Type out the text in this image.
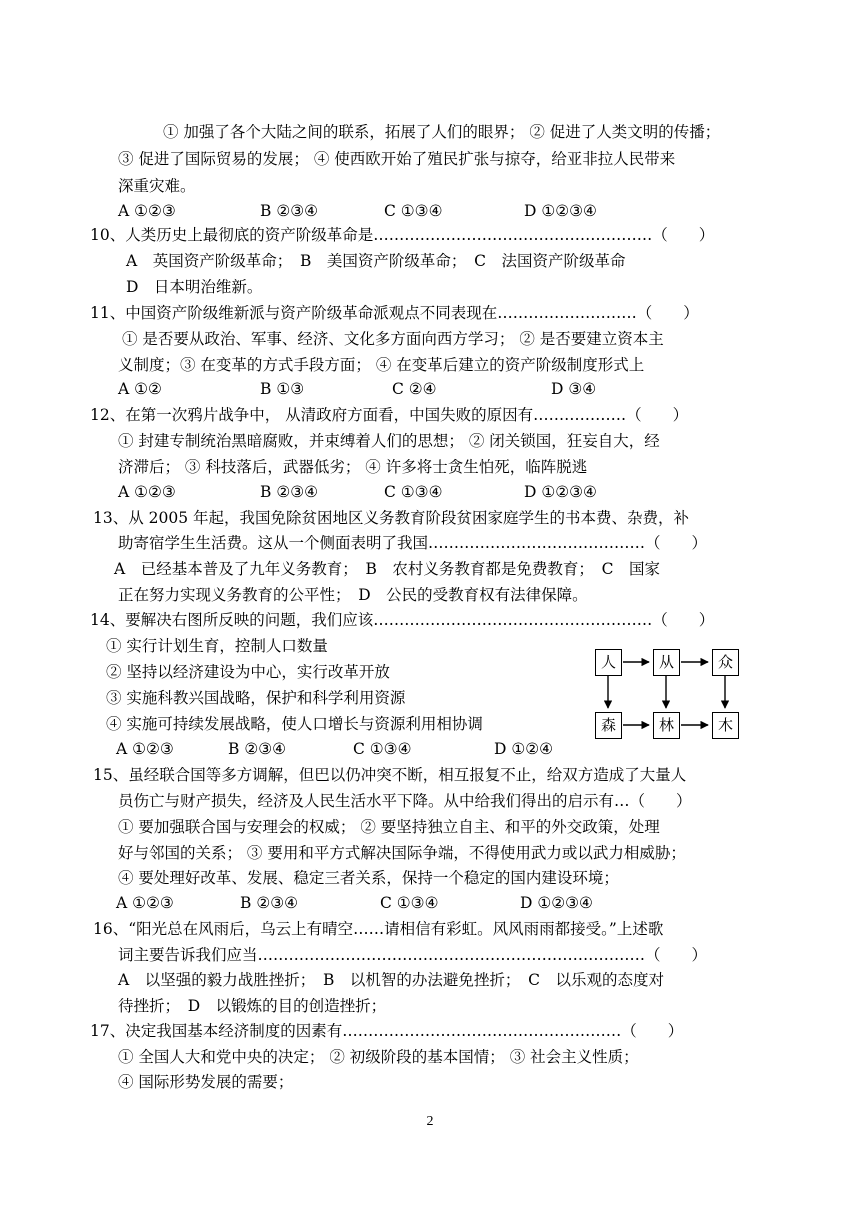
① 加强了各个大陆之间的联系，拓展了人们的眼界； ② 促进了人类文明的传播；
③ 促进了国际贸易的发展； ④ 使西欧开始了殖民扩张与掠夺，给亚非拉人民带来
深重灾难。
A ①②③	B ②③④	C ①③④	D ①②③④
10、人类历史上最彻底的资产阶级革命是………………………………………………（　　）
A　英国资产阶级革命；　B　美国资产阶级革命；　C　法国资产阶级革命
D　日本明治维新。
11、中国资产阶级维新派与资产阶级革命派观点不同表现在………………………（　　）
① 是否要从政治、军事、经济、文化多方面向西方学习； ② 是否要建立资本主
义制度；③ 在变革的方式手段方面； ④ 在变革后建立的资产阶级制度形式上
A ①②	B ①③	C ②④	D ③④
12、在第一次鸦片战争中， 从清政府方面看，中国失败的原因有………………（　　）
① 封建专制统治黑暗腐败，并束缚着人们的思想； ② 闭关锁国，狂妄自大，经
济滞后； ③ 科技落后，武器低劣； ④ 许多将士贪生怕死，临阵脱逃
A ①②③	B ②③④	C ①③④	D ①②③④
13、从 2005 年起，我国免除贫困地区义务教育阶段贫困家庭学生的书本费、杂费，补
助寄宿学生生活费。这从一个侧面表明了我国……………………………………（　　）
A　已经基本普及了九年义务教育；　B　农村义务教育都是免费教育；　C　国家
正在努力实现义务教育的公平性；　D　公民的受教育权有法律保障。
14、要解决右图所反映的问题，我们应该………………………………………………（　　）
① 实行计划生育，控制人口数量
② 坚持以经济建设为中心，实行改革开放
③ 实施科教兴国战略，保护和科学利用资源
④ 实施可持续发展战略，使人口增长与资源利用相协调
A ①②③	B ②③④	C ①③④	D ①②④
人	从	众
森	林	木
15、虽经联合国等多方调解，但巴以仍冲突不断，相互报复不止，给双方造成了大量人
员伤亡与财产损失，经济及人民生活水平下降。从中给我们得出的启示有…（　　）
① 要加强联合国与安理会的权威； ② 要坚持独立自主、和平的外交政策，处理
好与邻国的关系； ③ 要用和平方式解决国际争端，不得使用武力或以武力相威胁；
④ 要处理好改革、发展、稳定三者关系，保持一个稳定的国内建设环境；
A ①②③	B ②③④	C ①③④	D ①②③④
16、“阳光总在风雨后，乌云上有晴空……请相信有彩虹。风风雨雨都接受。”上述歌
词主要告诉我们应当…………………………………………………………………（　　）
A　以坚强的毅力战胜挫折；　B　以机智的办法避免挫折；　C　以乐观的态度对
待挫折；　D　以锻炼的目的创造挫折；
17、决定我国基本经济制度的因素有………………………………………………（　　）
① 全国人大和党中央的决定； ② 初级阶段的基本国情； ③ 社会主义性质；
④ 国际形势发展的需要；
2
